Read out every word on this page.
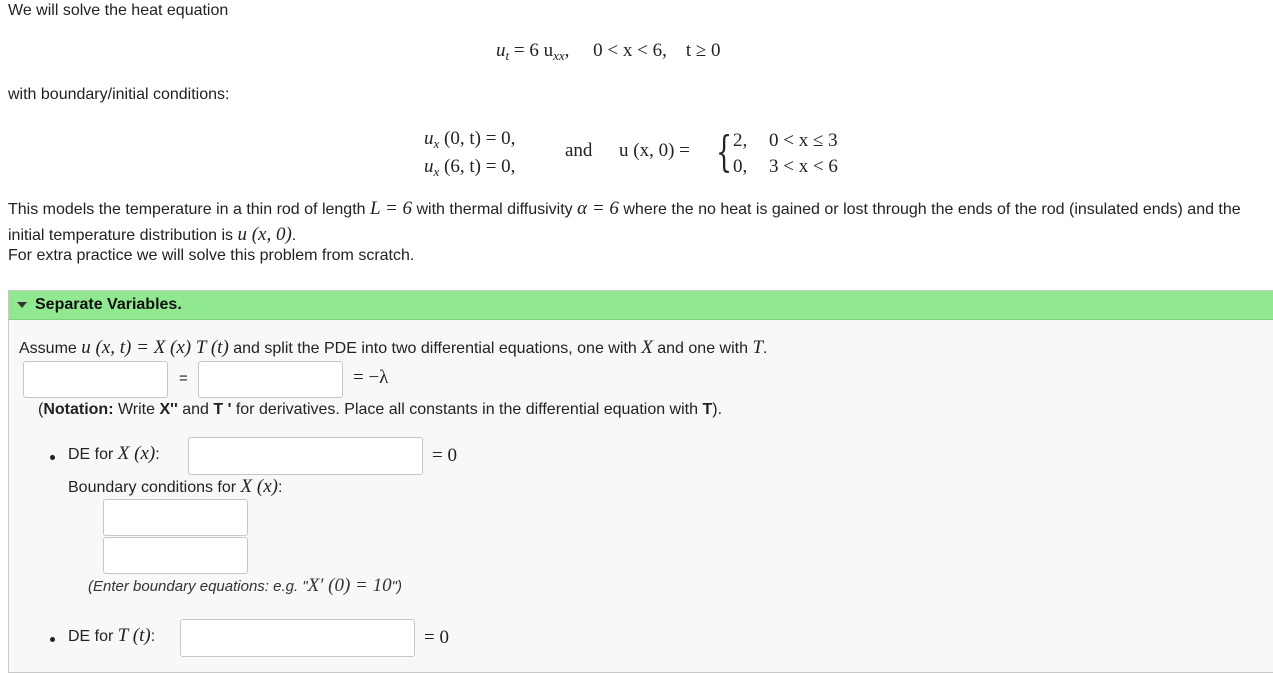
We will solve the heat equation
$u_t = 6$ $u_{xx}$, 0 < x < 6, t ≥ 0
with boundary/initial conditions:
$u_x$ (0, t) = 0,
$u_x$ (6, t) = 0,
and u (x, 0) = { 2, 0 < x ≤ 3
0, 3 < x < 6
This models the temperature in a thin rod of length L = 6 with thermal diffusivity α = 6 where the no heat is gained or lost through the ends of the rod (insulated ends) and the initial temperature distribution is u (x, 0).
For extra practice we will solve this problem from scratch.
Separate Variables.
Assume u (x, t) = X (x) T (t) and split the PDE into two differential equations, one with X and one with T.
=	= −λ
(Notation: Write X'' and T ' for derivatives. Place all constants in the differential equation with T).
DE for X (x):	= 0
Boundary conditions for X (x):
(Enter boundary equations: e.g. "X′ (0) = 10")
DE for T (t):	= 0
